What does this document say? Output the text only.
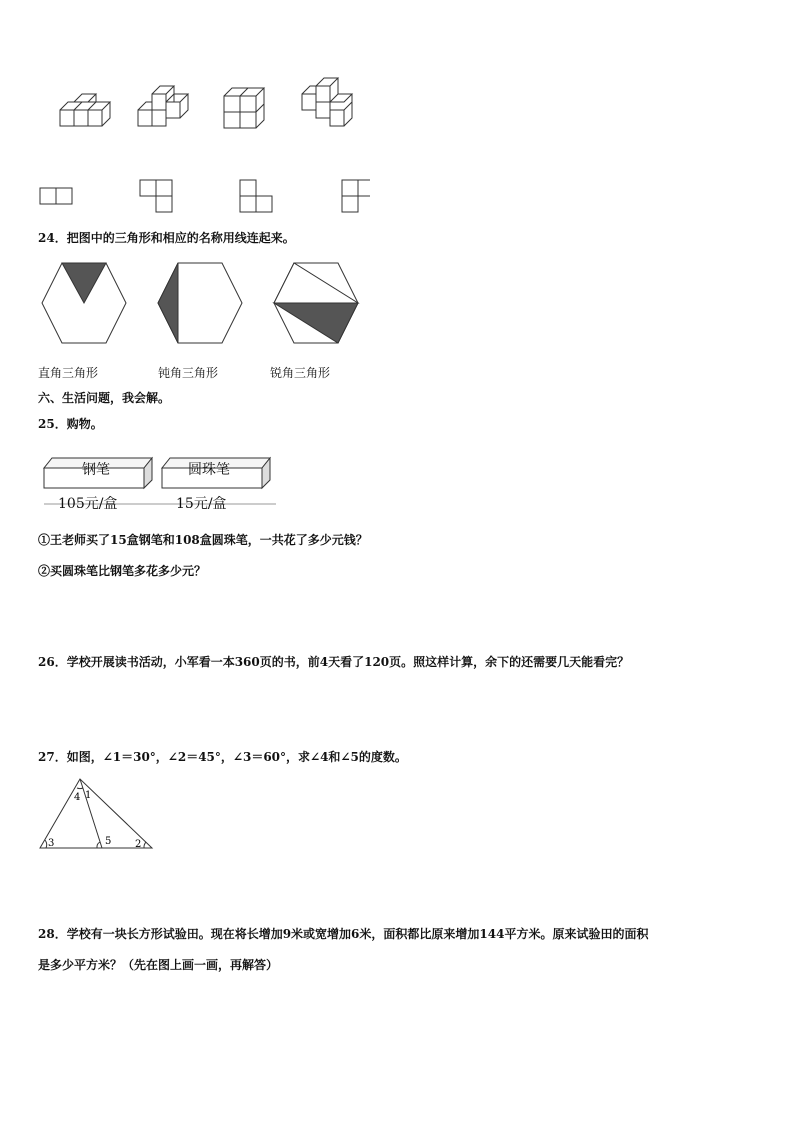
24．把图中的三角形和相应的名称用线连起来。
直角三角形	钝角三角形	锐角三角形
六、生活问题，我会解。
25．购物。
钢笔	圆珠笔
105元/盒	15元/盒
①王老师买了15盒钢笔和108盒圆珠笔，一共花了多少元钱？
②买圆珠笔比钢笔多花多少元？
26．学校开展读书活动，小军看一本360页的书，前4天看了120页。照这样计算，余下的还需要几天能看完？
27．如图，∠1＝30°，∠2＝45°，∠3＝60°，求∠4和∠5的度数。
1
2
3
4
5
28．学校有一块长方形试验田。现在将长增加9米或宽增加6米，面积都比原来增加144平方米。原来试验田的面积
是多少平方米？（先在图上画一画，再解答）
